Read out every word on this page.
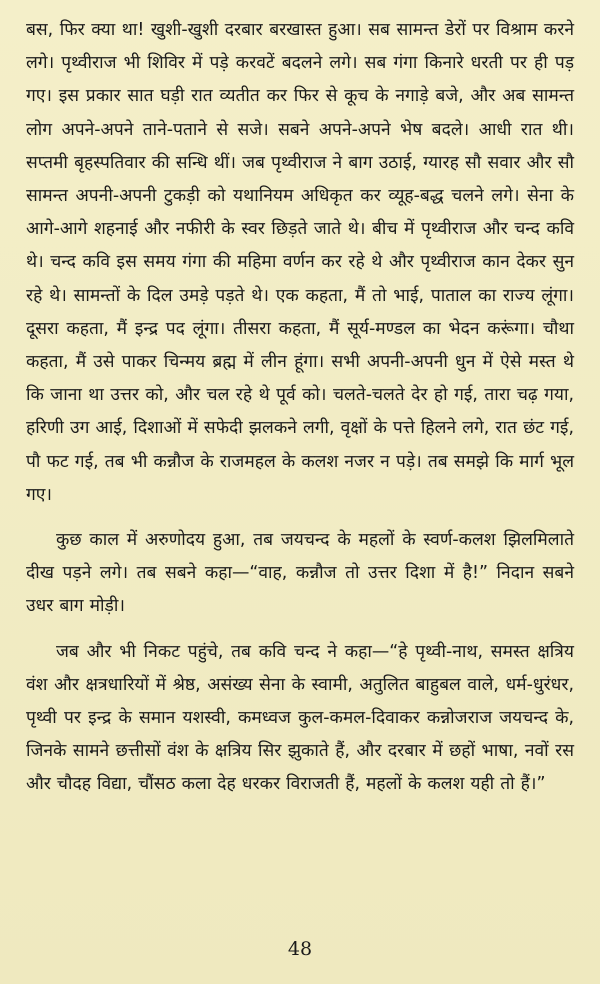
बस, फिर क्या था! खुशी-खुशी दरबार बरखास्त हुआ। सब सामन्त डेरों पर विश्राम करने लगे। पृथ्वीराज भी शिविर में पड़े करवटें बदलने लगे। सब गंगा किनारे धरती पर ही पड़ गए। इस प्रकार सात घड़ी रात व्यतीत कर फिर से कूच के नगाड़े बजे, और अब सामन्त लोग अपने-अपने ताने-पताने से सजे। सबने अपने-अपने भेष बदले। आधी रात थी। सप्तमी बृहस्पतिवार की सन्धि थीं। जब पृथ्वीराज ने बाग उठाई, ग्यारह सौ सवार और सौ सामन्त अपनी-अपनी टुकड़ी को यथानियम अधिकृत कर व्यूह-बद्ध चलने लगे। सेना के आगे-आगे शहनाई और नफीरी के स्वर छिड़ते जाते थे। बीच में पृथ्वीराज और चन्द कवि थे। चन्द कवि इस समय गंगा की महिमा वर्णन कर रहे थे और पृथ्वीराज कान देकर सुन रहे थे। सामन्तों के दिल उमड़े पड़ते थे। एक कहता, मैं तो भाई, पाताल का राज्य लूंगा। दूसरा कहता, मैं इन्द्र पद लूंगा। तीसरा कहता, मैं सूर्य-मण्डल का भेदन करूंगा। चौथा कहता, मैं उसे पाकर चिन्मय ब्रह्म में लीन हूंगा। सभी अपनी-अपनी धुन में ऐसे मस्त थे कि जाना था उत्तर को, और चल रहे थे पूर्व को। चलते-चलते देर हो गई, तारा चढ़ गया, हरिणी उग आई, दिशाओं में सफेदी झलकने लगी, वृक्षों के पत्ते हिलने लगे, रात छंट गई, पौ फट गई, तब भी कन्नौज के राजमहल के कलश नजर न पड़े। तब समझे कि मार्ग भूल गए।

कुछ काल में अरुणोदय हुआ, तब जयचन्द के महलों के स्वर्ण-कलश झिलमिलाते दीख पड़ने लगे। तब सबने कहा—“वाह, कन्नौज तो उत्तर दिशा में है!” निदान सबने उधर बाग मोड़ी।

जब और भी निकट पहुंचे, तब कवि चन्द ने कहा—“हे पृथ्वी-नाथ, समस्त क्षत्रिय वंश और क्षत्रधारियों में श्रेष्ठ, असंख्य सेना के स्वामी, अतुलित बाहुबल वाले, धर्म-धुरंधर, पृथ्वी पर इन्द्र के समान यशस्वी, कमध्वज कुल-कमल-दिवाकर कन्नोजराज जयचन्द के, जिनके सामने छत्तीसों वंश के क्षत्रिय सिर झुकाते हैं, और दरबार में छहों भाषा, नवों रस और चौदह विद्या, चौंसठ कला देह धरकर विराजती हैं, महलों के कलश यही तो हैं।”

48
